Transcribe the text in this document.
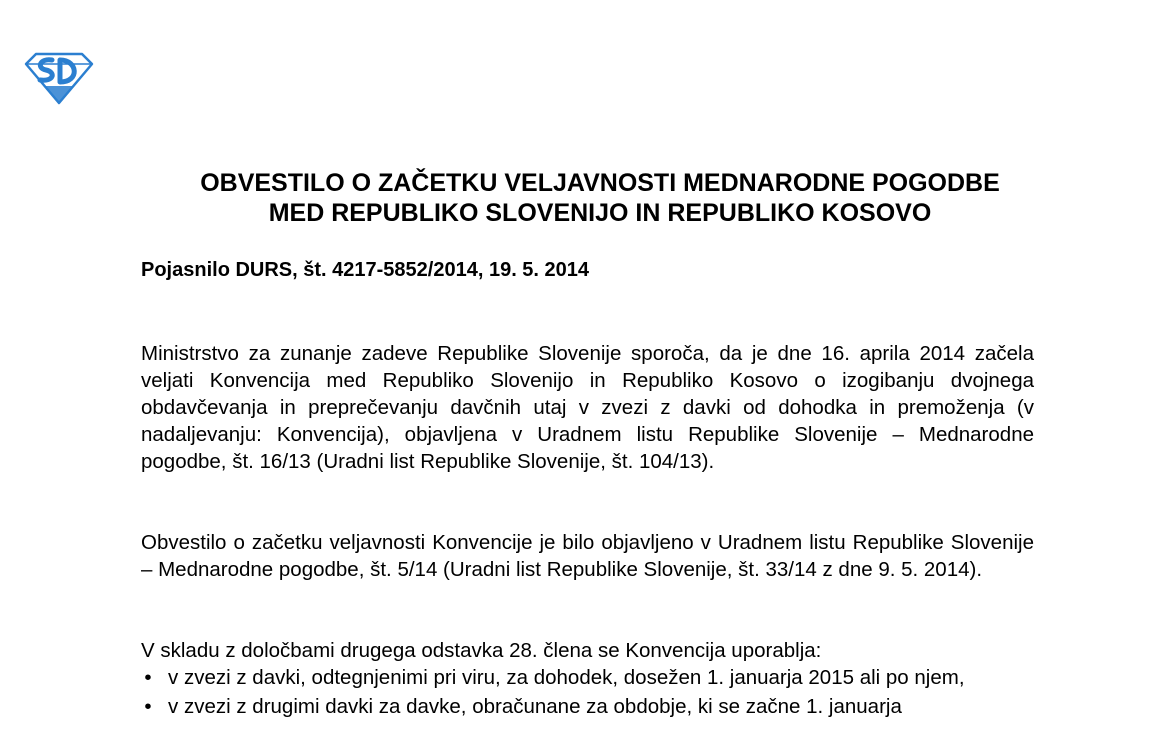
OBVESTILO O ZAČETKU VELJAVNOSTI MEDNARODNE POGODBE
MED REPUBLIKO SLOVENIJO IN REPUBLIKO KOSOVO
Pojasnilo DURS, št. 4217-5852/2014, 19. 5. 2014

Ministrstvo za zunanje zadeve Republike Slovenije sporoča, da je dne 16. aprila 2014 začela veljati Konvencija med Republiko Slovenijo in Republiko Kosovo o izogibanju dvojnega obdavčevanja in preprečevanju davčnih utaj v zvezi z davki od dohodka in premoženja (v nadaljevanju: Konvencija), objavljena v Uradnem listu Republike Slovenije – Mednarodne pogodbe, št. 16/13 (Uradni list Republike Slovenije, št. 104/13).

Obvestilo o začetku veljavnosti Konvencije je bilo objavljeno v Uradnem listu Republike Slovenije – Mednarodne pogodbe, št. 5/14 (Uradni list Republike Slovenije, št. 33/14 z dne 9. 5. 2014).

V skladu z določbami drugega odstavka 28. člena se Konvencija uporablja:

• v zvezi z davki, odtegnjenimi pri viru, za dohodek, dosežen 1. januarja 2015 ali po njem,
• v zvezi z drugimi davki za davke, obračunane za obdobje, ki se začne 1. januarja
